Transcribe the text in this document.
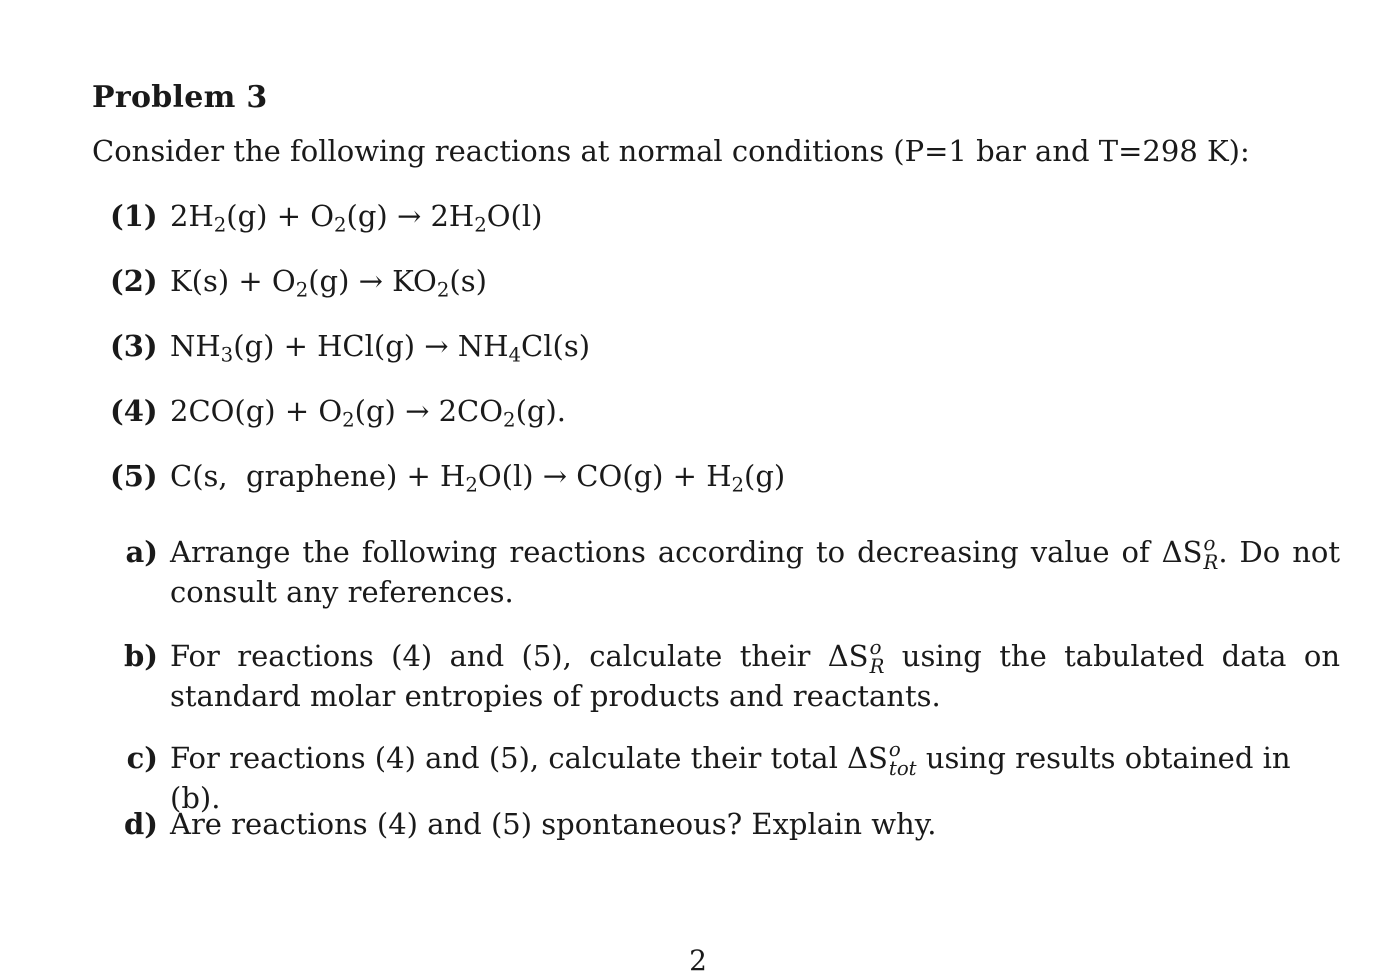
Problem 3
Consider the following reactions at normal conditions (P=1 bar and T=298 K):
(1) $2H_2(g) + O_2(g) \to 2H_2O(l)$
(2) $K(s) + O_2(g) \to KO_2(s)$
(3) $NH_3(g) + HCl(g) \to NH_4Cl(s)$
(4) $2CO(g) + O_2(g) \to 2CO_2(g)$.
(5) C(s,  graphene) + $H_2O(l) \to CO(g) + H_2(g)$
a) Arrange the following reactions according to decreasing value of ΔS o
R . Do not consult any references.
b) For reactions (4) and (5), calculate their ΔS o
R using the tabulated data on standard molar entropies of products and reactants.
c) For reactions (4) and (5), calculate their total ΔS o
tot using results obtained in (b).
d) Are reactions (4) and (5) spontaneous? Explain why.
2
